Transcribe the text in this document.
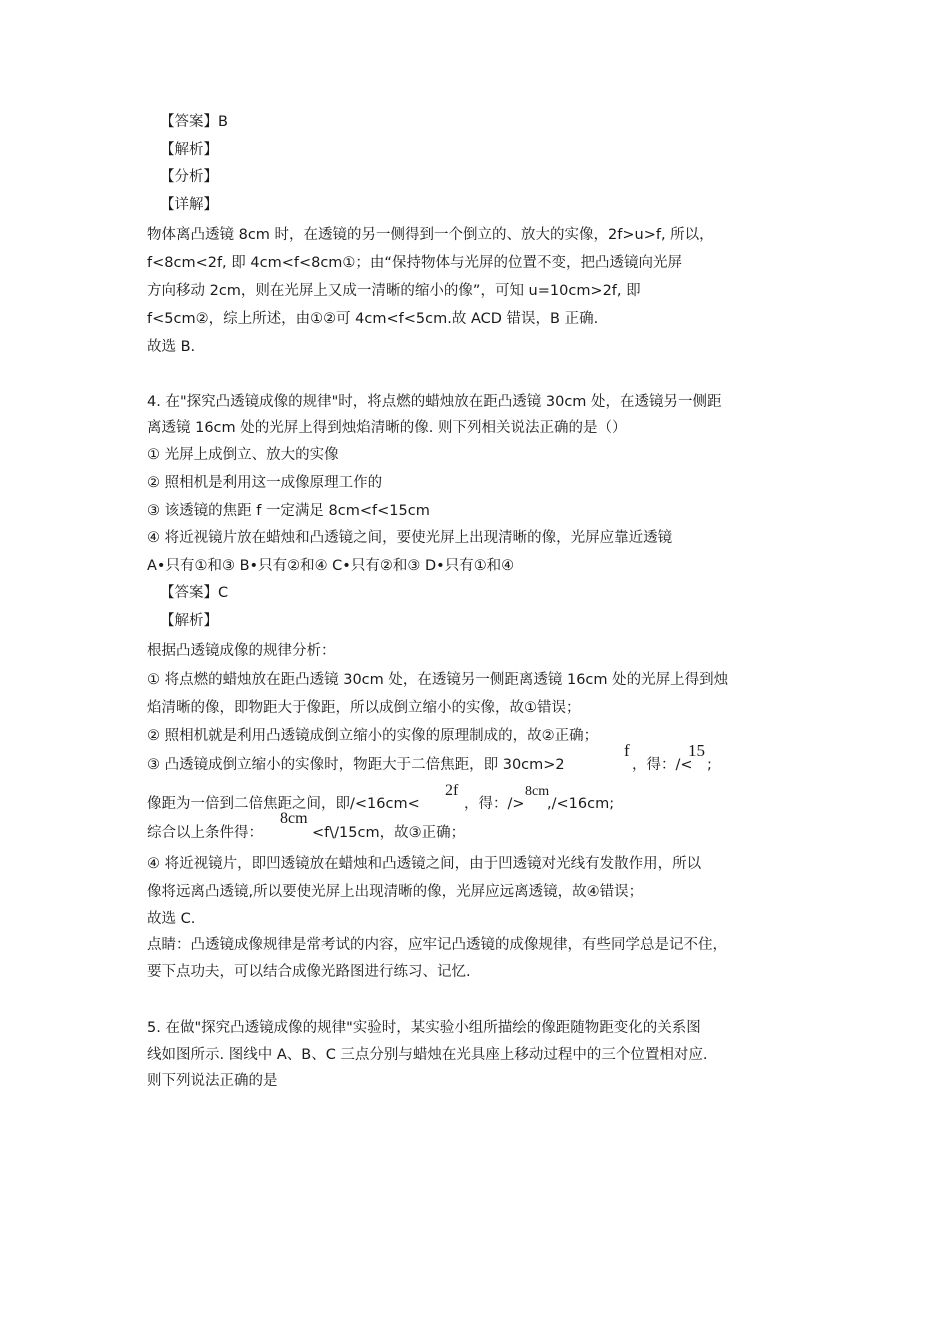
【答案】B
【解析】
【分析】
【详解】
物体离凸透镜 8cm 时，在透镜的另一侧得到一个倒立的、放大的实像，2f>u>f, 所以，
f<8cm<2f, 即 4cm<f<8cm①；由“保持物体与光屏的位置不变，把凸透镜向光屏
方向移动 2cm，则在光屏上又成一清晰的缩小的像”，可知 u=10cm>2f, 即
f<5cm②，综上所述，由①②可 4cm<f<5cm.故 ACD 错误，B 正确.
故选 B.
4. 在"探究凸透镜成像的规律"时，将点燃的蜡烛放在距凸透镜 30cm 处，在透镜另一侧距
离透镜 16cm 处的光屏上得到烛焰清晰的像. 则下列相关说法正确的是（）
① 光屏上成倒立、放大的实像
② 照相机是利用这一成像原理工作的
③ 该透镜的焦距 f 一定满足 8cm<f<15cm
④ 将近视镜片放在蜡烛和凸透镜之间，要使光屏上出现清晰的像，光屏应靠近透镜
A•只有①和③ B•只有②和④ C•只有②和③ D•只有①和④
【答案】C
【解析】
根据凸透镜成像的规律分析：
① 将点燃的蜡烛放在距凸透镜 30cm 处，在透镜另一侧距离透镜 16cm 处的光屏上得到烛
焰清晰的像，即物距大于像距，所以成倒立缩小的实像，故①错误；
② 照相机就是利用凸透镜成倒立缩小的实像的原理制成的，故②正确；
③ 凸透镜成倒立缩小的实像时，物距大于二倍焦距，即 30cm>2
f
，得：/<
15
;
像距为一倍到二倍焦距之间，即/<16cm<
2f
，得：/>
8cm
,/<16cm;
综合以上条件得：
8cm
<f\/15cm，故③正确；
④ 将近视镜片，即凹透镜放在蜡烛和凸透镜之间，由于凹透镜对光线有发散作用，所以
像将远离凸透镜,所以要使光屏上出现清晰的像，光屏应远离透镜，故④错误；
故选 C.
点睛：凸透镜成像规律是常考试的内容，应牢记凸透镜的成像规律，有些同学总是记不住，
要下点功夫，可以结合成像光路图进行练习、记忆.
5. 在做"探究凸透镜成像的规律"实验时，某实验小组所描绘的像距随物距变化的关系图
线如图所示. 图线中 A、B、C 三点分别与蜡烛在光具座上移动过程中的三个位置相对应.
则下列说法正确的是
